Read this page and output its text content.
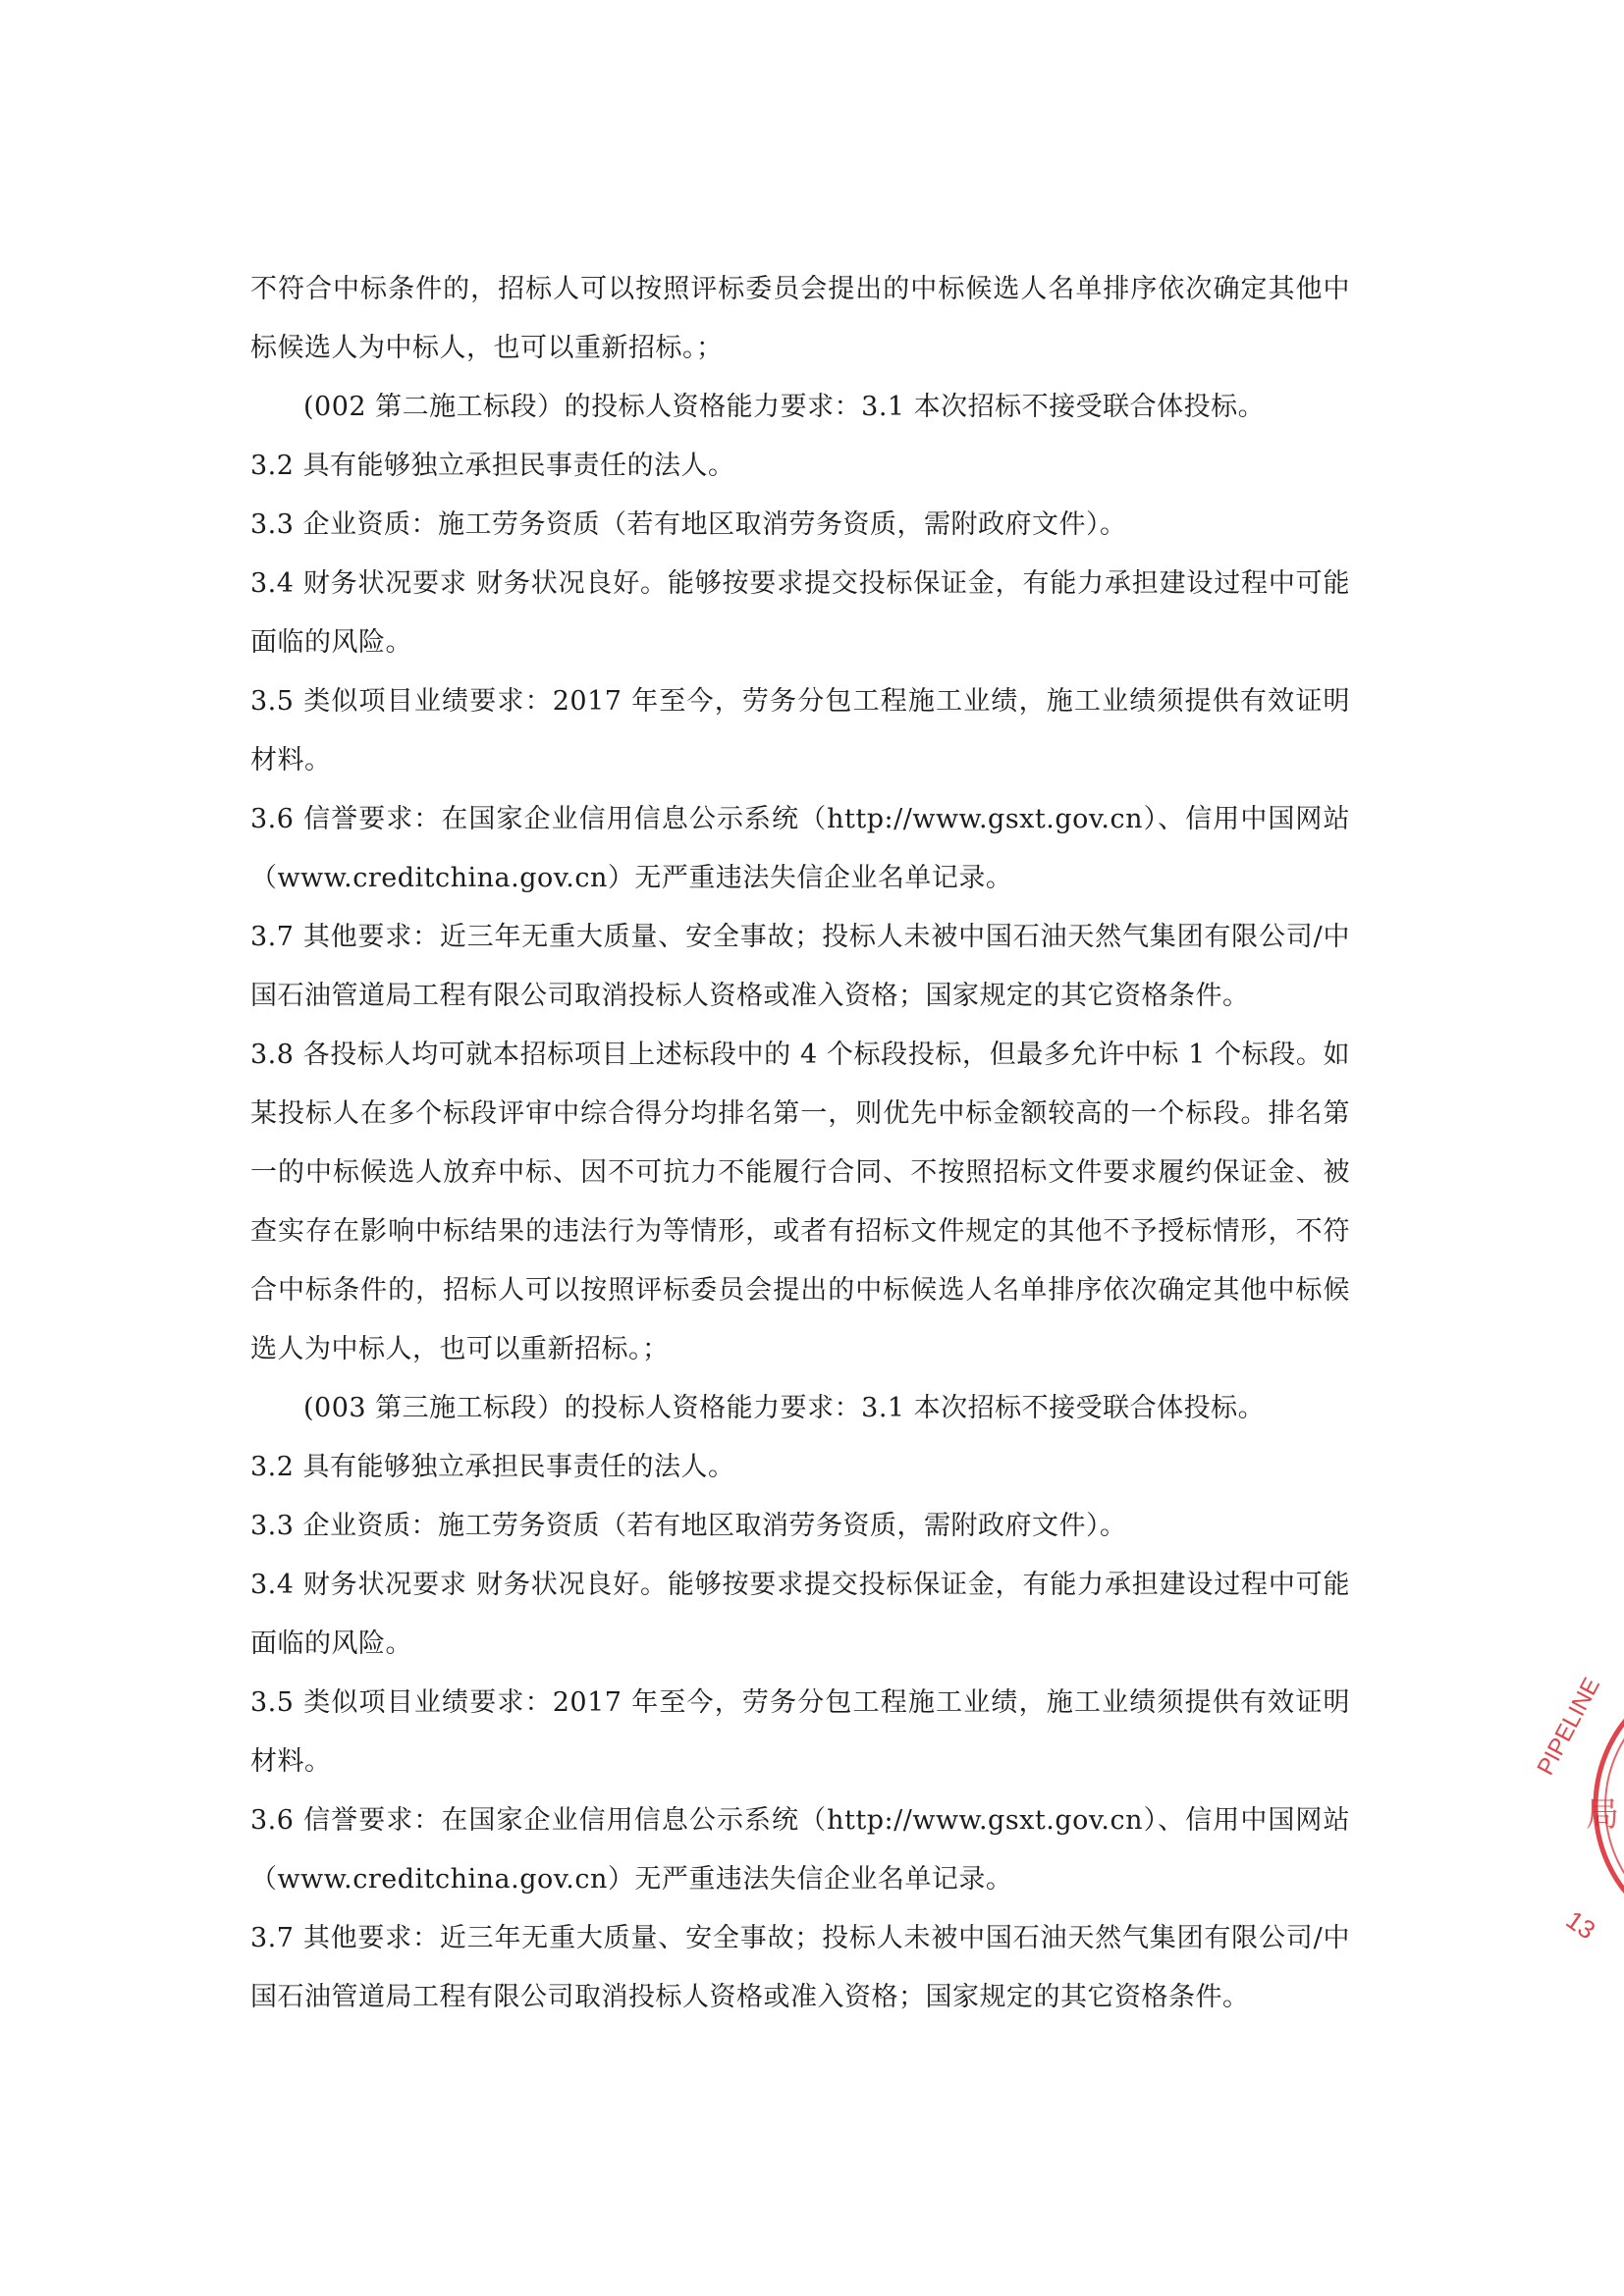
不符合中标条件的，招标人可以按照评标委员会提出的中标候选人名单排序依次确定其他中标候选人为中标人，也可以重新招标。；

(002 第二施工标段）的投标人资格能力要求：3.1 本次招标不接受联合体投标。

3.2 具有能够独立承担民事责任的法人。

3.3 企业资质：施工劳务资质（若有地区取消劳务资质，需附政府文件）。

3.4 财务状况要求 财务状况良好。能够按要求提交投标保证金，有能力承担建设过程中可能面临的风险。

3.5 类似项目业绩要求：2017 年至今，劳务分包工程施工业绩，施工业绩须提供有效证明材料。

3.6 信誉要求：在国家企业信用信息公示系统（http://www.gsxt.gov.cn）、信用中国网站（www.creditchina.gov.cn）无严重违法失信企业名单记录。

3.7 其他要求：近三年无重大质量、安全事故；投标人未被中国石油天然气集团有限公司/中国石油管道局工程有限公司取消投标人资格或准入资格；国家规定的其它资格条件。

3.8 各投标人均可就本招标项目上述标段中的 4 个标段投标，但最多允许中标 1 个标段。如某投标人在多个标段评审中综合得分均排名第一，则优先中标金额较高的一个标段。排名第一的中标候选人放弃中标、因不可抗力不能履行合同、不按照招标文件要求履约保证金、被查实存在影响中标结果的违法行为等情形，或者有招标文件规定的其他不予授标情形，不符合中标条件的，招标人可以按照评标委员会提出的中标候选人名单排序依次确定其他中标候选人为中标人，也可以重新招标。；

(003 第三施工标段）的投标人资格能力要求：3.1 本次招标不接受联合体投标。

3.2 具有能够独立承担民事责任的法人。

3.3 企业资质：施工劳务资质（若有地区取消劳务资质，需附政府文件）。

3.4 财务状况要求 财务状况良好。能够按要求提交投标保证金，有能力承担建设过程中可能面临的风险。

3.5 类似项目业绩要求：2017 年至今，劳务分包工程施工业绩，施工业绩须提供有效证明材料。

3.6 信誉要求：在国家企业信用信息公示系统（http://www.gsxt.gov.cn）、信用中国网站（www.creditchina.gov.cn）无严重违法失信企业名单记录。

3.7 其他要求：近三年无重大质量、安全事故；投标人未被中国石油天然气集团有限公司/中国石油管道局工程有限公司取消投标人资格或准入资格；国家规定的其它资格条件。

PIPELINE
局
13
